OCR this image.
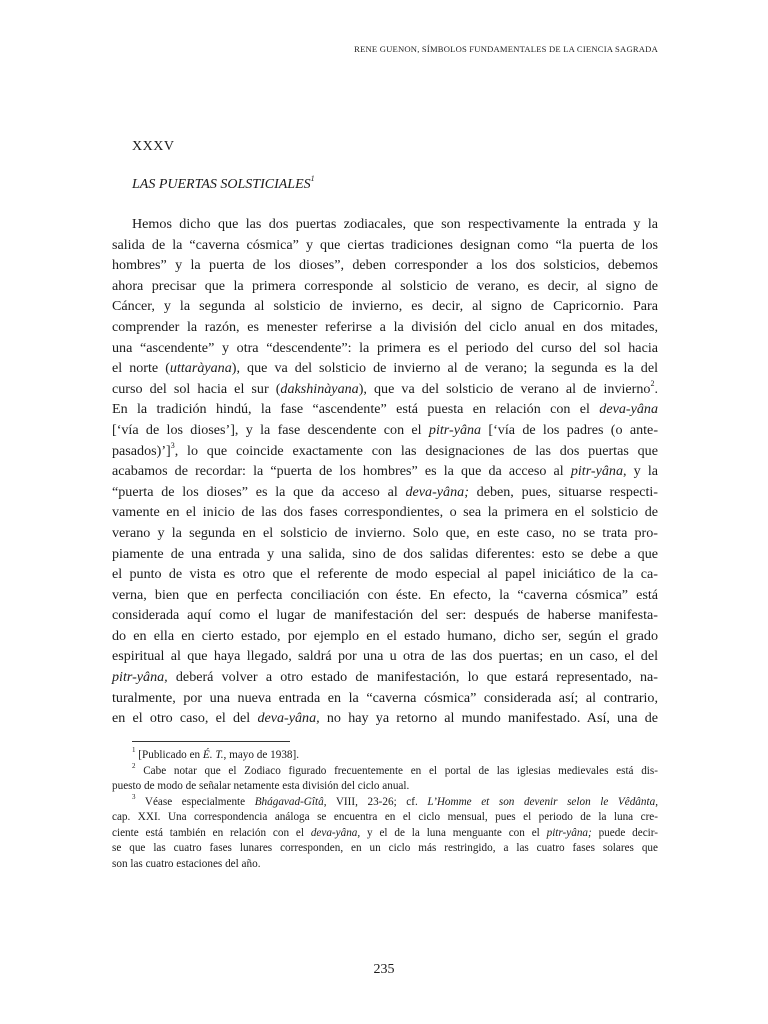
RENE GUENON, SÍMBOLOS FUNDAMENTALES DE LA CIENCIA SAGRADA
XXXV
LAS PUERTAS SOLSTICIALES$^1$
Hemos dicho que las dos puertas zodiacales, que son respectivamente la entrada y la
salida de la “caverna cósmica” y que ciertas tradiciones designan como “la puerta de los
hombres” y la puerta de los dioses”, deben corresponder a los dos solsticios, debemos
ahora precisar que la primera corresponde al solsticio de verano, es decir, al signo de
Cáncer, y la segunda al solsticio de invierno, es decir, al signo de Capricornio. Para
comprender la razón, es menester referirse a la división del ciclo anual en dos mitades,
una “ascendente” y otra “descendente”: la primera es el periodo del curso del sol hacia
el norte (uttaràyana), que va del solsticio de invierno al de verano; la segunda es la del
curso del sol hacia el sur (dakshinàyana), que va del solsticio de verano al de invierno$^2$.
En la tradición hindú, la fase “ascendente” está puesta en relación con el deva-yâna
[‘vía de los dioses’], y la fase descendente con el pitr-yâna [‘vía de los padres (o ante-
pasados)’]$^3$, lo que coincide exactamente con las designaciones de las dos puertas que
acabamos de recordar: la “puerta de los hombres” es la que da acceso al pitr-yâna, y la
“puerta de los dioses” es la que da acceso al deva-yâna; deben, pues, situarse respecti-
vamente en el inicio de las dos fases correspondientes, o sea la primera en el solsticio de
verano y la segunda en el solsticio de invierno. Solo que, en este caso, no se trata pro-
piamente de una entrada y una salida, sino de dos salidas diferentes: esto se debe a que
el punto de vista es otro que el referente de modo especial al papel iniciático de la ca-
verna, bien que en perfecta conciliación con éste. En efecto, la “caverna cósmica” está
considerada aquí como el lugar de manifestación del ser: después de haberse manifesta-
do en ella en cierto estado, por ejemplo en el estado humano, dicho ser, según el grado
espiritual al que haya llegado, saldrá por una u otra de las dos puertas; en un caso, el del
pitr-yâna, deberá volver a otro estado de manifestación, lo que estará representado, na-
turalmente, por una nueva entrada en la “caverna cósmica” considerada así; al contrario,
en el otro caso, el del deva-yâna, no hay ya retorno al mundo manifestado. Así, una de
$^1$ [Publicado en É. T., mayo de 1938].
$^2$ Cabe notar que el Zodiaco figurado frecuentemente en el portal de las iglesias medievales está dis-
puesto de modo de señalar netamente esta división del ciclo anual.
$^3$ Véase especialmente Bhágavad-Gîtâ, VIII, 23-26; cf. L’Homme et son devenir selon le Vêdânta,
cap. XXI. Una correspondencia análoga se encuentra en el ciclo mensual, pues el periodo de la luna cre-
ciente está también en relación con el deva-yâna, y el de la luna menguante con el pitr-yâna; puede decir-
se que las cuatro fases lunares corresponden, en un ciclo más restringido, a las cuatro fases solares que
son las cuatro estaciones del año.
235
